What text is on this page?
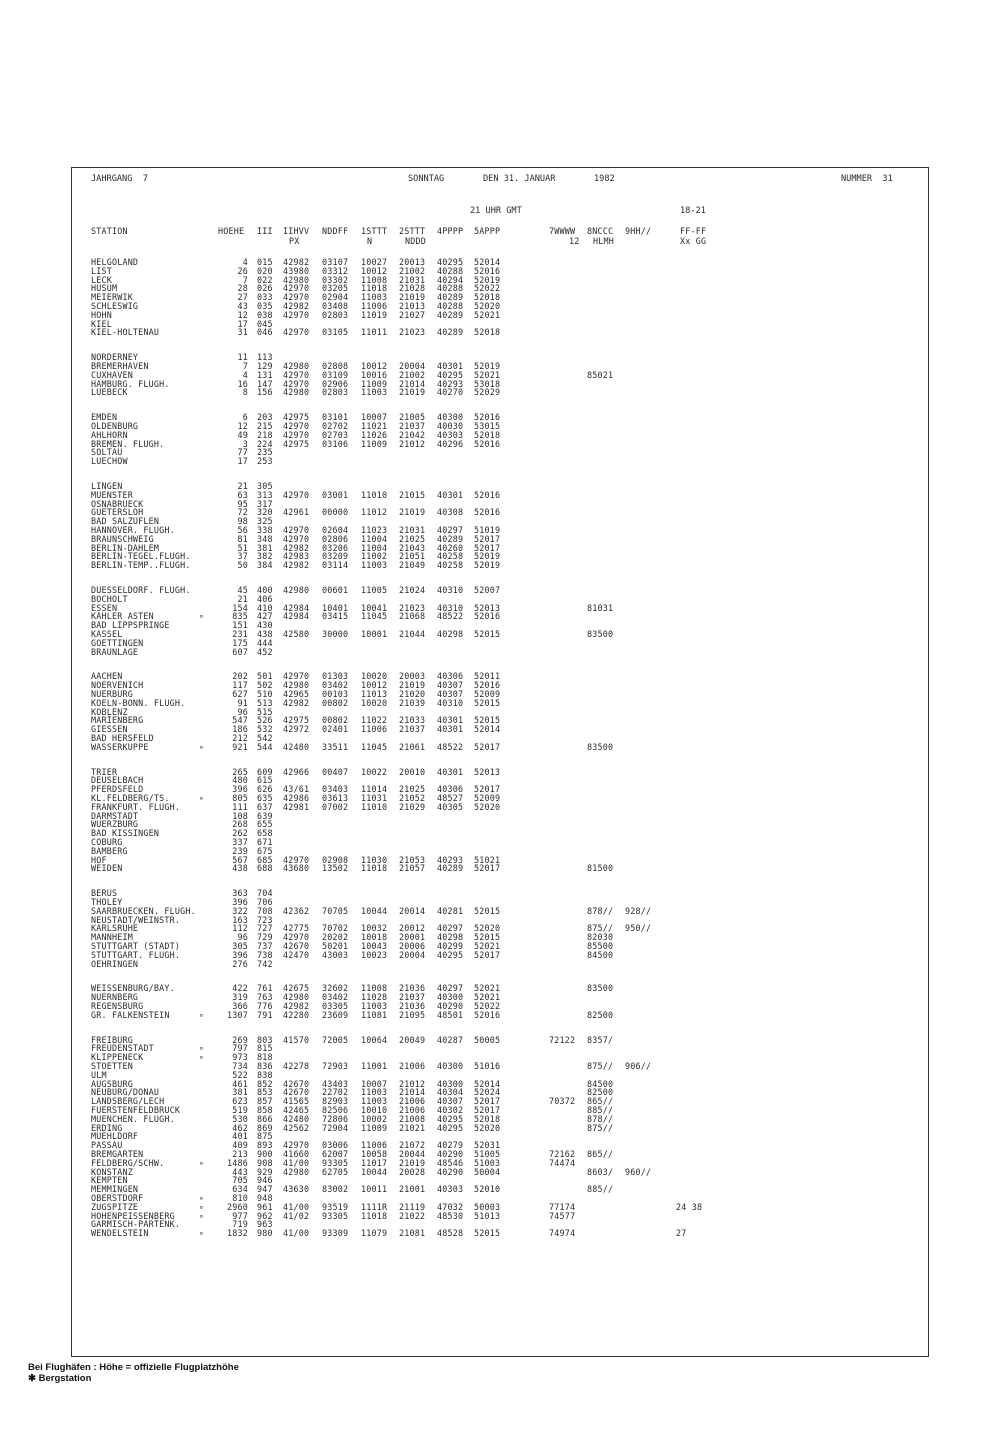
JAHRGANG  7	SONNTAG	DEN 31. JANUAR	1982	NUMMER  31
21 UHR GMT	18-21
STATION	HOEHE III IIHVV NDDFF 1STTT 2STTT 4PPPP 5APPP	7WWWW 8NCCC 9HH//	FF-FF
PX	N	NDDD	12 HLMH	Xx GG
HELGOLAND	4 015 42982 03107 10027 20013 40295 52014
LIST	26 020 43980 03312 10012 21002 40288 52016
LECK	7 022 42980 03302 11008 21031 40294 52019
HUSUM	28 026 42970 03205 11018 21028 40288 52022
MEIERWIK	27 033 42970 02904 11003 21019 40289 52018
SCHLESWIG	43 035 42982 03408 11006 21013 40288 52020
HOHN	12 038 42970 02803 11019 21027 40289 52021
KIEL	17 045
KIEL-HOLTENAU	31 046 42970 03105 11011 21023 40289 52018
NORDERNEY	11 113
BREMERHAVEN	7 129 42980 02808 10012 20004 40301 52019
CUXHAVEN	4 131 42970 03109 10016 21002 40295 52021	85021
HAMBURG. FLUGH.	16 147 42970 02906 11009 21014 40293 53018
LUEBECK	8 156 42980 02803 11003 21019 40270 52029
EMDEN	6 203 42975 03101 10007 21005 40300 52016
OLDENBURG	12 215 42970 02702 11021 21037 40030 53015
AHLHORN	49 218 42970 02703 11026 21042 40303 52018
BREMEN. FLUGH.	3 224 42975 03106 11009 21012 40296 52016
SOLTAU	77 235
LUECHOW	17 253
LINGEN	21 305
MUENSTER	63 313 42970 03001 11010 21015 40301 52016
OSNABRUECK	95 317
GUETERSLOH	72 320 42961 00000 11012 21019 40308 52016
BAD SALZUFLEN	98 325
HANNOVER. FLUGH.	56 338 42970 02604 11023 21031 40297 51019
BRAUNSCHWEIG	81 348 42970 02806 11004 21025 40289 52017
BERLIN-DAHLEM	51 381 42982 03206 11004 21043 40260 52017
BERLIN-TEGEL.FLUGH.	37 382 42983 03209 11002 21051 40258 52019
BERLIN-TEMP..FLUGH.	50 384 42982 03114 11003 21049 40258 52019
DUESSELDORF. FLUGH.	45 400 42980 00601 11005 21024 40310 52007
BOCHOLT	21 406
ESSEN	154 410 42984 10401 10041 21023 40310 52013	81031
KAHLER ASTEN	∘	835 427 42984 03415 11045 21068 48522 52016
BAD LIPPSPRINGE	151 430
KASSEL	231 438 42580 30000 10001 21044 40298 52015	83500
GOETTINGEN	175 444
BRAUNLAGE	607 452
AACHEN	202 501 42970 01303 10020 20003 40306 52011
NOERVENICH	117 502 42980 03402 10012 21019 40307 52016
NUERBURG	627 510 42965 00103 11013 21020 40307 52009
KOELN-BONN. FLUGH.	91 513 42982 00802 10020 21039 40310 52015
KOBLENZ	96 515
MARIENBERG	547 526 42975 00802 11022 21033 40301 52015
GIESSEN	186 532 42972 02401 11006 21037 40301 52014
BAD HERSFELD	212 542
WASSERKUPPE	∘	921 544 42480 33511 11045 21061 48522 52017	83500
TRIER	265 609 42966 00407 10022 20010 40301 52013
DEUSELBACH	480 615
PFERDSFELD	396 626 43/61 03403 11014 21025 40306 52017
KL.FELDBERG/TS.	∘	805 635 42986 03613 11031 21052 48527 52009
FRANKFURT. FLUGH.	111 637 42981 07002 11010 21029 40305 52020
DARMSTADT	108 639
WUERZBURG	268 655
BAD KISSINGEN	262 658
COBURG	337 671
BAMBERG	239 675
HOF	567 685 42970 02908 11030 21053 40293 51021
WEIDEN	438 688 43680 13502 11018 21057 40289 52017	81500
BERUS	363 704
THOLEY	396 706
SAARBRUECKEN. FLUGH.	322 708 42362 70705 10044 20014 40281 52015	878// 928//
NEUSTADT/WEINSTR.	163 723
KARLSRUHE	112 727 42775 70702 10032 20012 40297 52020	875// 950//
MANNHEIM	96 729 42970 20202 10018 20001 40298 52015	82030
STUTTGART (STADT)	305 737 42670 50201 10043 20006 40299 52021	85500
STUTTGART. FLUGH.	396 738 42470 43003 10023 20004 40295 52017	84500
OEHRINGEN	276 742
WEISSENBURG/BAY.	422 761 42675 32602 11008 21036 40297 52021	83500
NUERNBERG	319 763 42980 03402 11028 21037 40300 52021
REGENSBURG	366 776 42982 03305 11003 21036 40290 52022
GR. FALKENSTEIN	∘	1307 791 42280 23609 11081 21095 48501 52016	82500
FREIBURG	269 803 41570 72005 10064 20049 40287 50005	72122 8357/
FREUDENSTADT	∘	797 815
KLIPPENECK	∘	973 818
STOETTEN	734 836 42278 72903 11001 21006 40300 51016	875// 906//
ULM	522 838
AUGSBURG	461 852 42670 43403 10007 21012 40300 52014	84500
NEUBURG/DONAU	381 853 42670 22702 11003 21014 40304 52024	82500
LANDSBERG/LECH	623 857 41565 82903 11003 21006 40307 52017	70372 865//
FUERSTENFELDBRUCK	519 858 42465 82506 10010 21006 40302 52017	885//
MUENCHEN. FLUGH.	530 866 42480 72806 10002 21008 40295 52018	878//
ERDING	462 869 42562 72904 11009 21021 40295 52020	875//
MUEHLDORF	401 875
PASSAU	409 893 42970 03006 11006 21072 40279 52031
BREMGARTEN	213 900 41660 62007 10058 20044 40290 51005	72162 865//
FELDBERG/SCHW.	∘	1486 908 41/00 93305 11017 21019 48546 51003	74474
KONSTANZ	443 929 42980 62705 10044 20028 40290 50004	8603/ 960//
KEMPTEN	705 946
MEMMINGEN	634 947 43630 83002 10011 21001 40303 52010	885//
OBERSTDORF	∘	810 948
ZUGSPITZE	∘	2960 961 41/00 93519 1111R 21119 47032 50003	77174	24 38
HOHENPEISSENBERG	∘	977 962 41/02 93305 11018 21022 48530 51013	74577
GARMISCH-PARTENK.	719 963
WENDELSTEIN	∘	1832 980 41/00 93309 11079 21081 48528 52015	74974	27
Bei Flughäfen : Höhe = offizielle Flugplatzhöhe
✱ Bergstation
